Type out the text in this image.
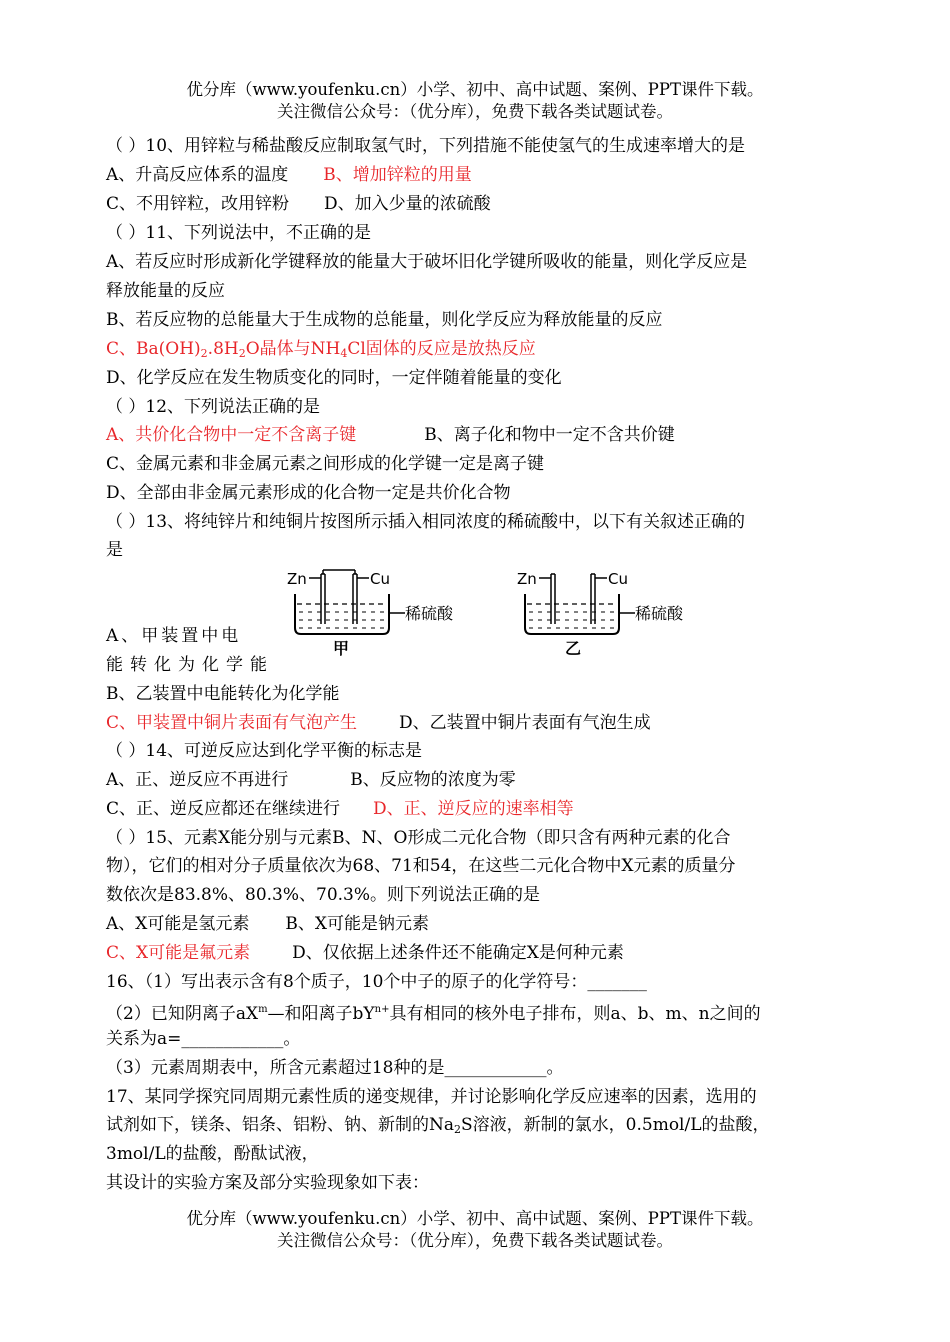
优分库（www.youfenku.cn）小学、初中、高中试题、案例、PPT课件下载。
关注微信公众号：（优分库），免费下载各类试题试卷。
（ ）10、用锌粒与稀盐酸反应制取氢气时，下列措施不能使氢气的生成速率增大的是
A、升高反应体系的温度 B、增加锌粒的用量
C、不用锌粒，改用锌粉 D、加入少量的浓硫酸
（ ）11、下列说法中，不正确的是
A、若反应时形成新化学键释放的能量大于破坏旧化学键所吸收的能量，则化学反应是
释放能量的反应
B、若反应物的总能量大于生成物的总能量，则化学反应为释放能量的反应
C、$Ba(OH)_2.8H_2O$晶体与$NH_4Cl$固体的反应是放热反应
D、化学反应在发生物质变化的同时，一定伴随着能量的变化
（ ）12、下列说法正确的是
A、共价化合物中一定不含离子键	B、离子化和物中一定不含共价键
C、金属元素和非金属元素之间形成的化学键一定是离子键
D、全部由非金属元素形成的化合物一定是共价化合物
（ ）13、将纯锌片和纯铜片按图所示插入相同浓度的稀硫酸中，以下有关叙述正确的
是
Zn	Cu
稀硫酸
甲
Zn	Cu
稀硫酸
乙
A、甲装置中电
能转化为化学能
B、乙装置中电能转化为化学能
C、甲装置中铜片表面有气泡产生 D、乙装置中铜片表面有气泡生成
（ ）14、可逆反应达到化学平衡的标志是
A、正、逆反应不再进行	B、反应物的浓度为零
C、正、逆反应都还在继续进行 D、正、逆反应的速率相等
（ ）15、元素X能分别与元素B、N、O形成二元化合物（即只含有两种元素的化合
物），它们的相对分子质量依次为68、71和54，在这些二元化合物中X元素的质量分
数依次是83.8%、80.3%、70.3%。则下列说法正确的是
A、X可能是氢元素 B、X可能是钠元素
C、X可能是氟元素 D、仅依据上述条件还不能确定X是何种元素
16、（1）写出表示含有8个质子，10个中子的原子的化学符号：_______
（2）已知阴离子$aX^m—$和阳离子$bY^{n+}$具有相同的核外电子排布，则a、b、m、n之间的
关系为a=____________。
（3）元素周期表中，所含元素超过18种的是____________。
17、某同学探究同周期元素性质的递变规律，并讨论影响化学反应速率的因素，选用的
试剂如下，镁条、铝条、铝粉、钠、新制的$Na_2S$溶液，新制的氯水，0.5mol/L的盐酸，
3mol/L的盐酸，酚酞试液，
其设计的实验方案及部分实验现象如下表：
优分库（www.youfenku.cn）小学、初中、高中试题、案例、PPT课件下载。
关注微信公众号：（优分库），免费下载各类试题试卷。
